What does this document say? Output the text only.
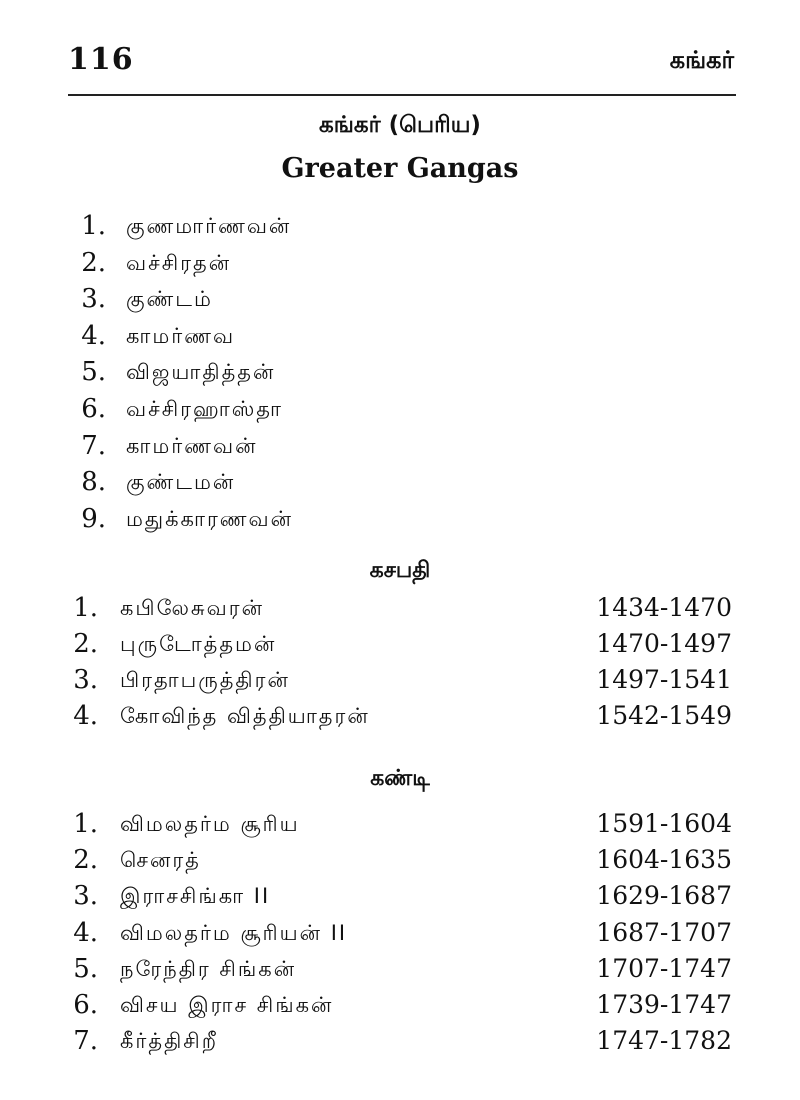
116	கங்கர்
கங்கர் (பெரிய)
Greater Gangas
1. குணமார்ணவன்
2. வச்சிரதன்
3. குண்டம்
4. காமர்ணவ
5. விஜயாதித்தன்
6. வச்சிரஹாஸ்தா
7. காமர்ணவன்
8. குண்டமன்
9. மதுக்காரணவன்
கசபதி
1. கபிலேசுவரன்	1434-1470
2. புருடோத்தமன்	1470-1497
3. பிரதாபருத்திரன்	1497-1541
4. கோவிந்த வித்தியாதரன்	1542-1549
கண்டி
1. விமலதர்ம சூரிய	1591-1604
2. செனரத்	1604-1635
3. இராசசிங்கா II	1629-1687
4. விமலதர்ம சூரியன் II	1687-1707
5. நரேந்திர சிங்கன்	1707-1747
6. விசய இராச சிங்கன்	1739-1747
7. கீர்த்திசிறீ	1747-1782
